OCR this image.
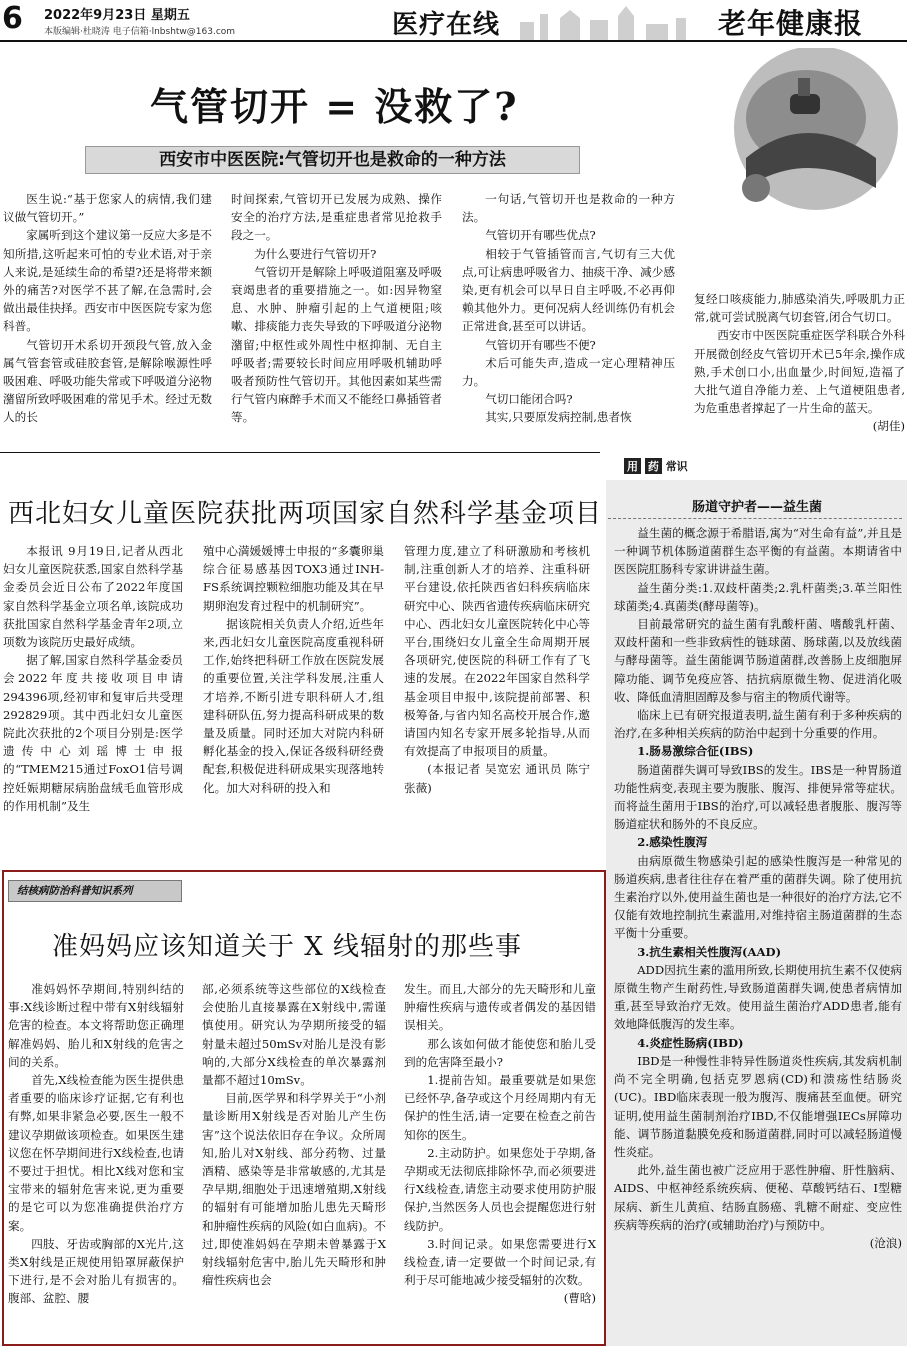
6 2022年9月23日 星期五
本版编辑·杜晓涛 电子信箱·lnbshtw@163.com	医疗在线	老年健康报
气管切开 = 没救了?
西安市中医医院:气管切开也是救命的一种方法

医生说:“基于您家人的病情,我们建议做气管切开。”

家属听到这个建议第一反应大多是不知所措,这听起来可怕的专业术语,对于亲人来说,是延续生命的希望?还是将带来额外的痛苦?对医学不甚了解,在急需时,会做出最佳抉择。西安市中医医院专家为您科普。

气管切开术系切开颈段气管,放入金属气管套管或硅胶套管,是解除喉源性呼吸困难、呼吸功能失常或下呼吸道分泌物潴留所致呼吸困难的常见手术。经过无数人的长

时间探索,气管切开已发展为成熟、操作安全的治疗方法,是重症患者常见抢救手段之一。

为什么要进行气管切开?

气管切开是解除上呼吸道阻塞及呼吸衰竭患者的重要措施之一。如:因异物窒息、水肿、肿瘤引起的上气道梗阻;咳嗽、排痰能力丧失导致的下呼吸道分泌物潴留;中枢性或外周性中枢抑制、无自主呼吸者;需要较长时间应用呼吸机辅助呼吸者预防性气管切开。其他因素如某些需行气管内麻醉手术而又不能经口鼻插管者等。

一句话,气管切开也是救命的一种方法。

气管切开有哪些优点?

相较于气管插管而言,气切有三大优点,可让病患呼吸省力、抽痰干净、减少感染,更有机会可以早日自主呼吸,不必再仰赖其他外力。更何况病人经训练仍有机会正常进食,甚至可以讲话。

气管切开有哪些不便?

术后可能失声,造成一定心理精神压力。

气切口能闭合吗?

其实,只要原发病控制,患者恢

复经口咳痰能力,肺感染消失,呼吸肌力正常,就可尝试脱离气切套管,闭合气切口。

西安市中医医院重症医学科联合外科开展微创经皮气管切开术已5年余,操作成熟,手术创口小,出血量少,时间短,造福了大批气道自净能力差、上气道梗阻患者,为危重患者撑起了一片生命的蓝天。

(胡佳)

西北妇女儿童医院获批两项国家自然科学基金项目

本报讯 9月19日,记者从西北妇女儿童医院获悉,国家自然科学基金委员会近日公布了2022年度国家自然科学基金立项名单,该院成功获批国家自然科学基金青年2项,立项数为该院历史最好成绩。

据了解,国家自然科学基金委员会2022年度共接收项目申请294396项,经初审和复审后共受理292829项。其中西北妇女儿童医院此次获批的2个项目分别是:医学遗传中心刘瑶博士申报的“TMEM215通过FoxO1信号调控妊娠期糖尿病胎盘绒毛血管形成的作用机制”及生

殖中心満媛媛博士申报的“多囊卵巢综合征易感基因TOX3通过INH-FS系统调控颗粒细胞功能及其在早期卵泡发育过程中的机制研究”。

据该院相关负责人介绍,近些年来,西北妇女儿童医院高度重视科研工作,始终把科研工作放在医院发展的重要位置,关注学科发展,注重人才培养,不断引进专职科研人才,组建科研队伍,努力提高科研成果的数量及质量。同时还加大对院内科研孵化基金的投入,保证各级科研经费配套,积极促进科研成果实现落地转化。加大对科研的投入和

管理力度,建立了科研激励和考核机制,注重创新人才的培养、注重科研平台建设,依托陕西省妇科疾病临床研究中心、陕西省遗传疾病临床研究中心、西北妇女儿童医院转化中心等平台,围绕妇女儿童全生命周期开展各项研究,使医院的科研工作有了飞速的发展。在2022年国家自然科学基金项目申报中,该院提前部署、积极筹备,与省内知名高校开展合作,邀请国内知名专家开展多轮指导,从而有效提高了申报项目的质量。

(本报记者 吴宽宏 通讯员 陈宁 张薇)

结核病防治科普知识系列
准妈妈应该知道关于 X 线辐射的那些事

准妈妈怀孕期间,特别纠结的事:X线诊断过程中带有X射线辐射危害的检查。本文将帮助您正确理解准妈妈、胎儿和X射线的危害之间的关系。

首先,X线检查能为医生提供患者重要的临床诊疗证据,它有利也有弊,如果非紧急必要,医生一般不建议孕期做该项检查。如果医生建议您在怀孕期间进行X线检查,也请不要过于担忧。相比X线对您和宝宝带来的辐射危害来说,更为重要的是它可以为您准确提供治疗方案。

四肢、牙齿或胸部的X光片,这类X射线是正规使用铅罩屏蔽保护下进行,是不会对胎儿有损害的。腹部、盆腔、腰

部,必须系统等这些部位的X线检查会使胎儿直接暴露在X射线中,需谨慎使用。研究认为孕期所接受的辐射量未超过50mSv对胎儿是没有影响的,大部分X线检查的单次暴露剂量都不超过10mSv。

目前,医学界和科学界关于“小剂量诊断用X射线是否对胎儿产生伤害”这个说法依旧存在争议。众所周知,胎儿对X射线、部分药物、过量酒精、感染等是非常敏感的,尤其是孕早期,细胞处于迅速增殖期,X射线的辐射有可能增加胎儿患先天畸形和肿瘤性疾病的风险(如白血病)。不过,即使准妈妈在孕期未曾暴露于X射线辐射危害中,胎儿先天畸形和肿瘤性疾病也会

发生。而且,大部分的先天畸形和儿童肿瘤性疾病与遗传或者偶发的基因错误相关。

那么该如何做才能使您和胎儿受到的危害降至最小?

1.提前告知。最重要就是如果您已经怀孕,备孕或这个月经周期内有无保护的性生活,请一定要在检查之前告知你的医生。

2.主动防护。如果您处于孕期,备孕期或无法彻底排除怀孕,而必须要进行X线检查,请您主动要求使用防护服保护,当然医务人员也会提醒您进行射线防护。

3.时间记录。如果您需要进行X线检查,请一定要做一个时间记录,有利于尽可能地减少接受辐射的次数。

(曹晗)

用 药 常识
肠道守护者——益生菌

益生菌的概念源于希腊语,寓为“对生命有益”,并且是一种调节机体肠道菌群生态平衡的有益菌。本期请省中医医院肛肠科专家讲讲益生菌。

益生菌分类:1.双歧杆菌类;2.乳杆菌类;3.革兰阳性球菌类;4.真菌类(酵母菌等)。

目前最常研究的益生菌有乳酸杆菌、嗜酸乳杆菌、双歧杆菌和一些非致病性的链球菌、肠球菌,以及放线菌与酵母菌等。益生菌能调节肠道菌群,改善肠上皮细胞屏障功能、调节免疫应答、拮抗病原微生物、促进消化吸收、降低血清胆固醇及参与宿主的物质代谢等。

临床上已有研究报道表明,益生菌有利于多种疾病的治疗,在多种相关疾病的防治中起到十分重要的作用。

1.肠易激综合征(IBS)

肠道菌群失调可导致IBS的发生。IBS是一种胃肠道功能性病变,表现主要为腹胀、腹泻、排便异常等症状。而将益生菌用于IBS的治疗,可以减轻患者腹胀、腹泻等肠道症状和肠外的不良反应。

2.感染性腹泻

由病原微生物感染引起的感染性腹泻是一种常见的肠道疾病,患者往往存在着严重的菌群失调。除了使用抗生素治疗以外,使用益生菌也是一种很好的治疗方法,它不仅能有效地控制抗生素滥用,对维持宿主肠道菌群的生态平衡十分重要。

3.抗生素相关性腹泻(AAD)

ADD因抗生素的滥用所致,长期使用抗生素不仅使病原微生物产生耐药性,导致肠道菌群失调,使患者病情加重,甚至导致治疗无效。使用益生菌治疗ADD患者,能有效地降低腹泻的发生率。

4.炎症性肠病(IBD)

IBD是一种慢性非特异性肠道炎性疾病,其发病机制尚不完全明确,包括克罗恩病(CD)和溃疡性结肠炎(UC)。IBD临床表现一般为腹泻、腹痛甚至血便。研究证明,使用益生菌制剂治疗IBD,不仅能增强IECs屏障功能、调节肠道黏膜免疫和肠道菌群,同时可以减轻肠道慢性炎症。

此外,益生菌也被广泛应用于恶性肿瘤、肝性脑病、AIDS、中枢神经系统疾病、便秘、草酸钙结石、I型糖尿病、新生儿黄疸、结肠直肠癌、乳糖不耐症、变应性疾病等疾病的治疗(或辅助治疗)与预防中。

(沧浪)
